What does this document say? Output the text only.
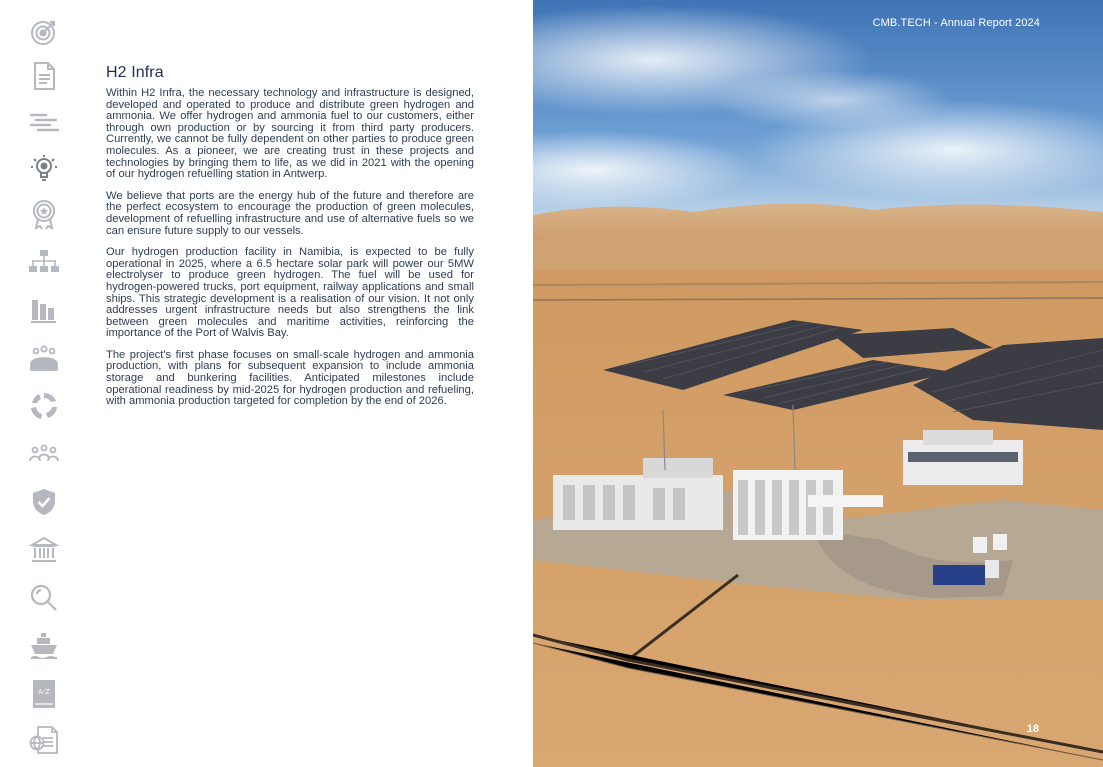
A-Z
H2 Infra

Within H2 Infra, the necessary technology and infrastructure is designed, developed and operated to produce and distribute green hydrogen and ammonia. We offer hydrogen and ammonia fuel to our customers, either through own production or by sourcing it from third party producers. Currently, we cannot be fully dependent on other parties to produce green molecules. As a pioneer, we are creating trust in these projects and technologies by bringing them to life, as we did in 2021 with the opening of our hydrogen refuelling station in Antwerp.

We believe that ports are the energy hub of the future and therefore are the perfect ecosystem to encourage the production of green molecules, development of refuelling infrastructure and use of alternative fuels so we can ensure future supply to our vessels.

Our hydrogen production facility in Namibia, is expected to be fully operational in 2025, where a 6.5 hectare solar park will power our 5MW electrolyser to produce green hydrogen. The fuel will be used for hydrogen-powered trucks, port equipment, railway applications and small ships. This strategic development is a realisation of our vision. It not only addresses urgent infrastructure needs but also strengthens the link between green molecules and maritime activities, reinforcing the importance of the Port of Walvis Bay.

The project's first phase focuses on small-scale hydrogen and ammonia production, with plans for subsequent expansion to include ammonia storage and bunkering facilities. Anticipated milestones include operational readiness by mid-2025 for hydrogen production and refueling, with ammonia production targeted for completion by the end of 2026.

CMB.TECH - Annual Report 2024
18
